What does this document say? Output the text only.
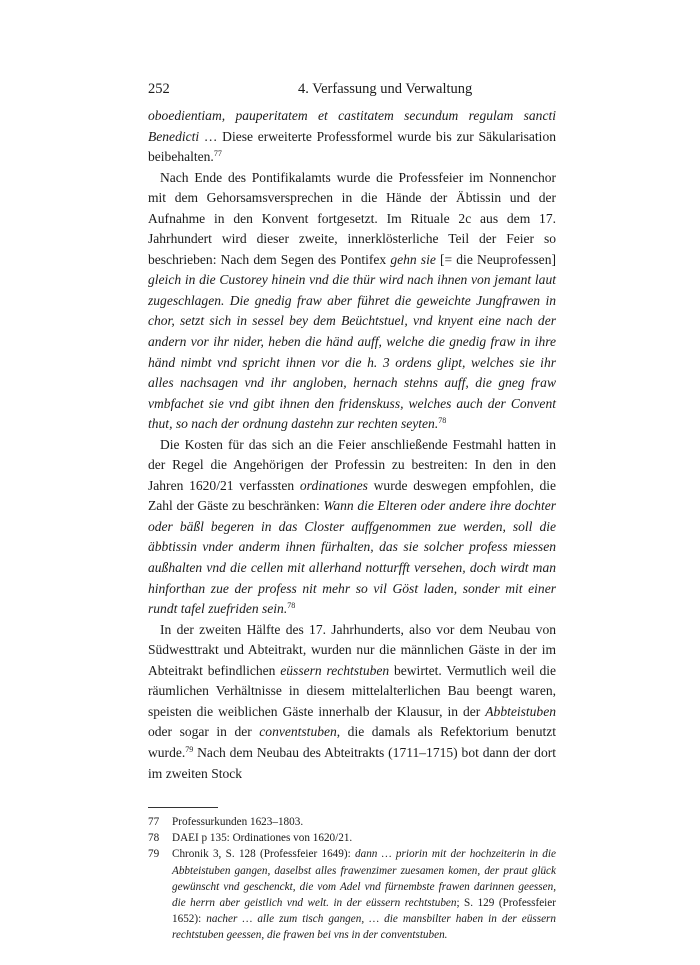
252	4. Verfassung und Verwaltung

oboedientiam, pauperitatem et castitatem secundum regulam sancti Benedicti … Diese erweiterte Professformel wurde bis zur Säkularisation beibehalten.$^{77}$

Nach Ende des Pontifikalamts wurde die Professfeier im Nonnenchor mit dem Gehorsamsversprechen in die Hände der Äbtissin und der Aufnahme in den Konvent fortgesetzt. Im Rituale 2c aus dem 17. Jahrhundert wird dieser zweite, innerklösterliche Teil der Feier so beschrieben: Nach dem Segen des Pontifex gehn sie [= die Neuprofessen] gleich in die Custorey hinein vnd die thür wird nach ihnen von jemant laut zugeschlagen. Die gnedig fraw aber führet die geweichte Jungfrawen in chor, setzt sich in sessel bey dem Beüchtstuel, vnd knyent eine nach der andern vor ihr nider, heben die händ auff, welche die gnedig fraw in ihre händ nimbt vnd spricht ihnen vor die h. 3 ordens glipt, welches sie ihr alles nachsagen vnd ihr angloben, hernach stehns auff, die gneg fraw vmbfachet sie vnd gibt ihnen den fridenskuss, welches auch der Convent thut, so nach der ordnung dastehn zur rechten seyten.$^{78}$

Die Kosten für das sich an die Feier anschließende Festmahl hatten in der Regel die Angehörigen der Professin zu bestreiten: In den in den Jahren 1620/21 verfassten ordinationes wurde deswegen empfohlen, die Zahl der Gäste zu beschränken: Wann die Elteren oder andere ihre dochter oder bäßl begeren in das Closter auffgenommen zue werden, soll die äbbtissin vnder anderm ihnen fürhalten, das sie solcher profess miessen außhalten vnd die cellen mit allerhand notturfft versehen, doch wirdt man hinforthan zue der profess nit mehr so vil Göst laden, sonder mit einer rundt tafel zuefriden sein.$^{78}$

In der zweiten Hälfte des 17. Jahrhunderts, also vor dem Neubau von Südwesttrakt und Abteitrakt, wurden nur die männlichen Gäste in der im Abteitrakt befindlichen eüssern rechtstuben bewirtet. Vermutlich weil die räumlichen Verhältnisse in diesem mittelalterlichen Bau beengt waren, speisten die weiblichen Gäste innerhalb der Klausur, in der Abbteistuben oder sogar in der conventstuben, die damals als Refektorium benutzt wurde.$^{79}$ Nach dem Neubau des Abteitrakts (1711–1715) bot dann der dort im zweiten Stock

77 Professurkunden 1623–1803.
78 DAEI p 135: Ordinationes von 1620/21.
79 Chronik 3, S. 128 (Professfeier 1649): dann … priorin mit der hochzeiterin in die Abbteistuben gangen, daselbst alles frawenzimer zuesamen komen, der praut glück gewünscht vnd geschenckt, die vom Adel vnd fürnembste frawen darinnen geessen, die herrn aber geistlich vnd welt. in der eüssern rechtstuben; S. 129 (Professfeier 1652): nacher … alle zum tisch gangen, … die mansbilter haben in der eüssern rechtstuben geessen, die frawen bei vns in der conventstuben.
